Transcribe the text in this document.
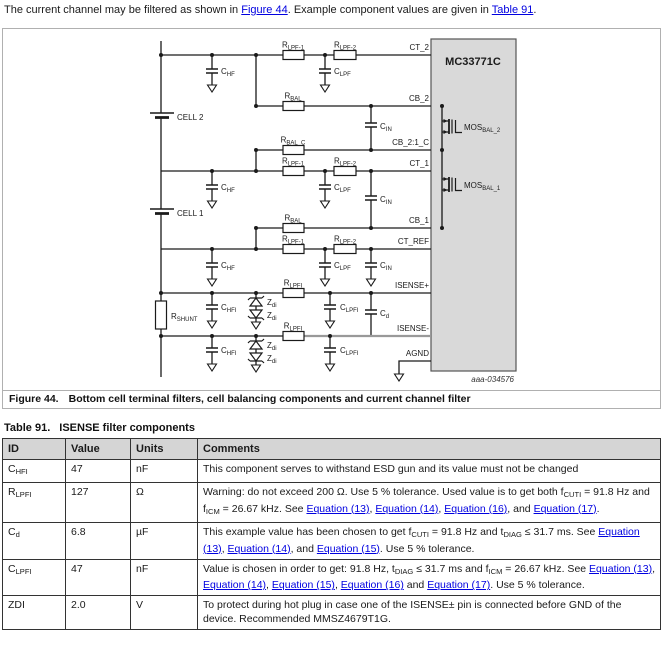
The current channel may be filtered as shown in Figure 44. Example component values are given in Table 91.
MC33771C
CT_2
CB_2
CB_2:1_C
CT_1
CB_1
CT_REF
ISENSE+
ISENSE-
AGND
$R_{LPF-1}$	$R_{LPF-2}$
$R_{BAL}$
$R_{BAL\_C}$
$R_{LPF-1}$	$R_{LPF-2}$
$R_{BAL}$
$R_{LPF-1}$	$R_{LPF-2}$
$R_{LPFI}$
$R_{LPFI}$
$C_{HF}$
$C_{HF}$
$C_{HF}$
$C_{LPF}$
$C_{LPF}$
$C_{LPF}$
$C_{IN}$
$C_{IN}$
$C_{IN}$
$C_{HFI}$
$C_{HFI}$
$C_{LPFI}$
$C_{LPFI}$
$C_d$
$Z_{di}$
$Z_{di}$
$Z_{di}$
$Z_{di}$
CELL 2
CELL 1
$R_{SHUNT}$
$MOS_{BAL\_2}$
$MOS_{BAL\_1}$
aaa-034576
Figure 44. Bottom cell terminal filters, cell balancing components and current channel filter
Table 91. ISENSE filter components
ID	Value	Units	Comments
CHFI	47	nF	This component serves to withstand ESD gun and its value must not be changed
RLPFI	127	Ω	Warning: do not exceed 200 Ω. Use 5 % tolerance. Used value is to get both fCUTI = 91.8 Hz and fICM = 26.67 kHz. See Equation (13), Equation (14), Equation (16), and Equation (17).
Cd	6.8	µF	This example value has been chosen to get fCUTI = 91.8 Hz and tDIAG ≤ 31.7 ms. See Equation (13), Equation (14), and Equation (15). Use 5 % tolerance.
CLPFI	47	nF	Value is chosen in order to get: 91.8 Hz, tDIAG ≤ 31.7 ms and fICM = 26.67 kHz. See Equation (13), Equation (14), Equation (15), Equation (16) and Equation (17). Use 5 % tolerance.
ZDI	2.0	V	To protect during hot plug in case one of the ISENSE± pin is connected before GND of the device. Recommended MMSZ4679T1G.
